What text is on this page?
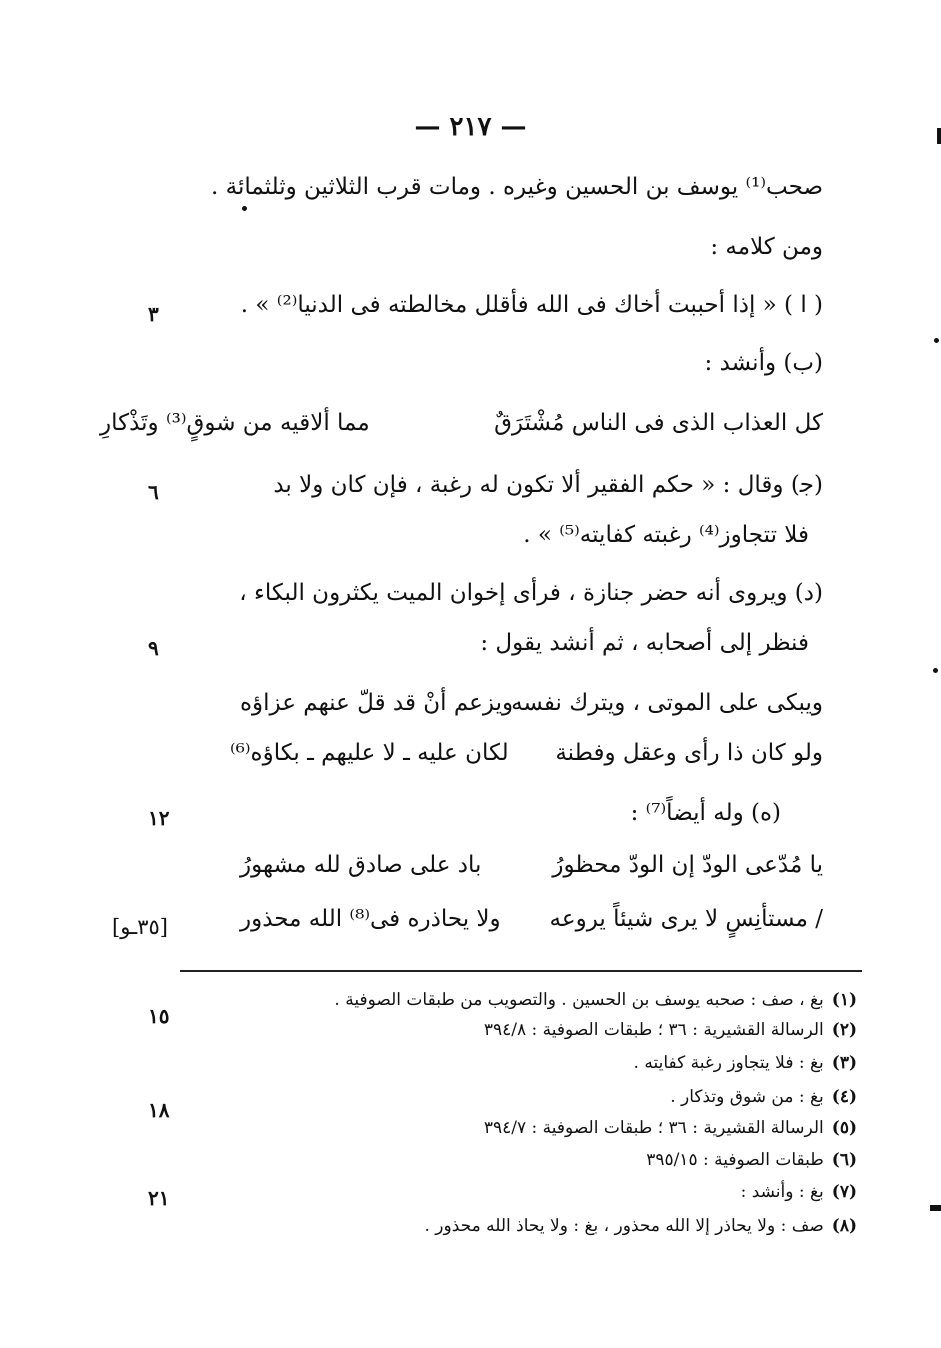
— ٢١٧ —
صحب⁽¹⁾ يوسف بن الحسين وغيره . ومات قرب الثلاثين وثلثمائة .
ومن كلامه :
( ا ) « إذا أحببت أخاك فى الله فأقلل مخالطته فى الدنيا⁽²⁾ » .
(ب) وأنشد :
كل العذاب الذى فى الناس مُشْتَرَقٌ
مما ألاقيه من شوقٍ⁽³⁾ وتَذْكارِ
(ﺟ) وقال : « حكم الفقير ألا تكون له رغبة ، فإن كان ولا بد
فلا تتجاوز⁽⁴⁾ رغبته كفايته⁽⁵⁾ » .
(د) ويروى أنه حضر جنازة ، فرأى إخوان الميت يكثرون البكاء ،
فنظر إلى أصحابه ، ثم أنشد يقول :
ويبكى على الموتى ، ويترك نفسه
ويزعم أنْ قد قلّ عنهم عزاؤه
ولو كان ذا رأى وعقل وفطنة
لكان عليه ـ لا عليهم ـ بكاؤه⁽⁶⁾
(ه) وله أيضاً⁽⁷⁾ :
يا مُدّعى الودّ إن الودّ محظورُ
باد على صادق لله مشهورُ
/ مستأنِسٍ لا يرى شيئاً يروعه
ولا يحاذره فى⁽⁸⁾ الله محذور
٣
٦
٩
١٢
١٥
١٨
٢١
[٣٥ـو]
(١)بغ ، صف : صحبه يوسف بن الحسين . والتصويب من طبقات الصوفية .
(٢)الرسالة القشيرية : ٣٦ ؛ طبقات الصوفية : ٣٩٤/٨
(٣)بغ : فلا يتجاوز رغبة كفايته .
(٤)بغ : من شوق وتذكار .
(٥)الرسالة القشيرية : ٣٦ ؛ طبقات الصوفية : ٣٩٤/٧
(٦)طبقات الصوفية : ٣٩٥/١٥
(٧)بغ : وأنشد :
(٨)صف : ولا يحاذر إلا الله محذور ، بغ : ولا يحاذ الله محذور .
